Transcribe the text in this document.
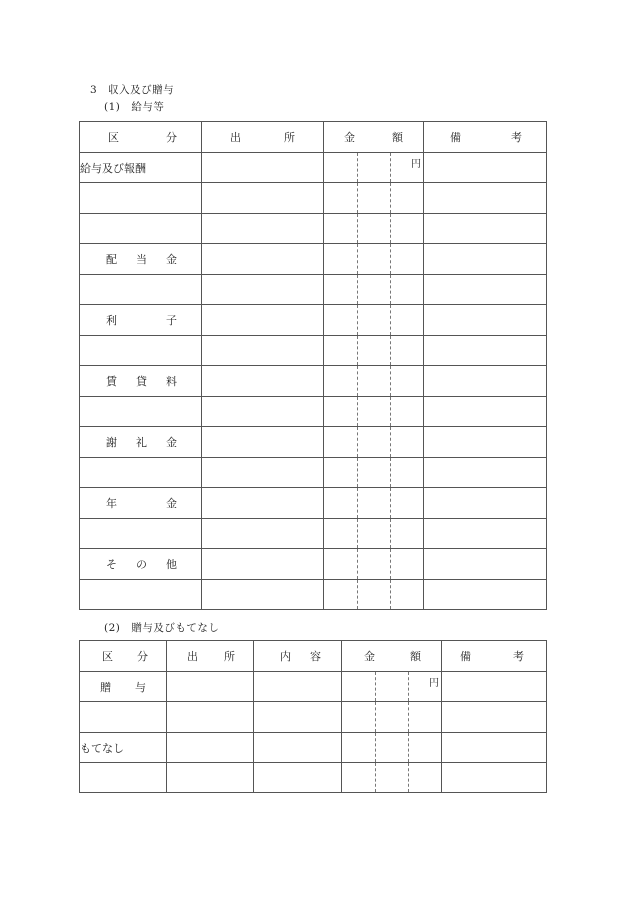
3　収入及び贈与
(1)　給与等
区 分	出 所	金 額	備 考

給与及び報酬		円	

配 当 金			

利 子			

賃 貸 料			

謝 礼 金			

年 金			

そ の 他			

(2)　贈与及びもてなし
区 分	出 所	内 容	金 額	備 考

贈 与			円	

もてなし			
